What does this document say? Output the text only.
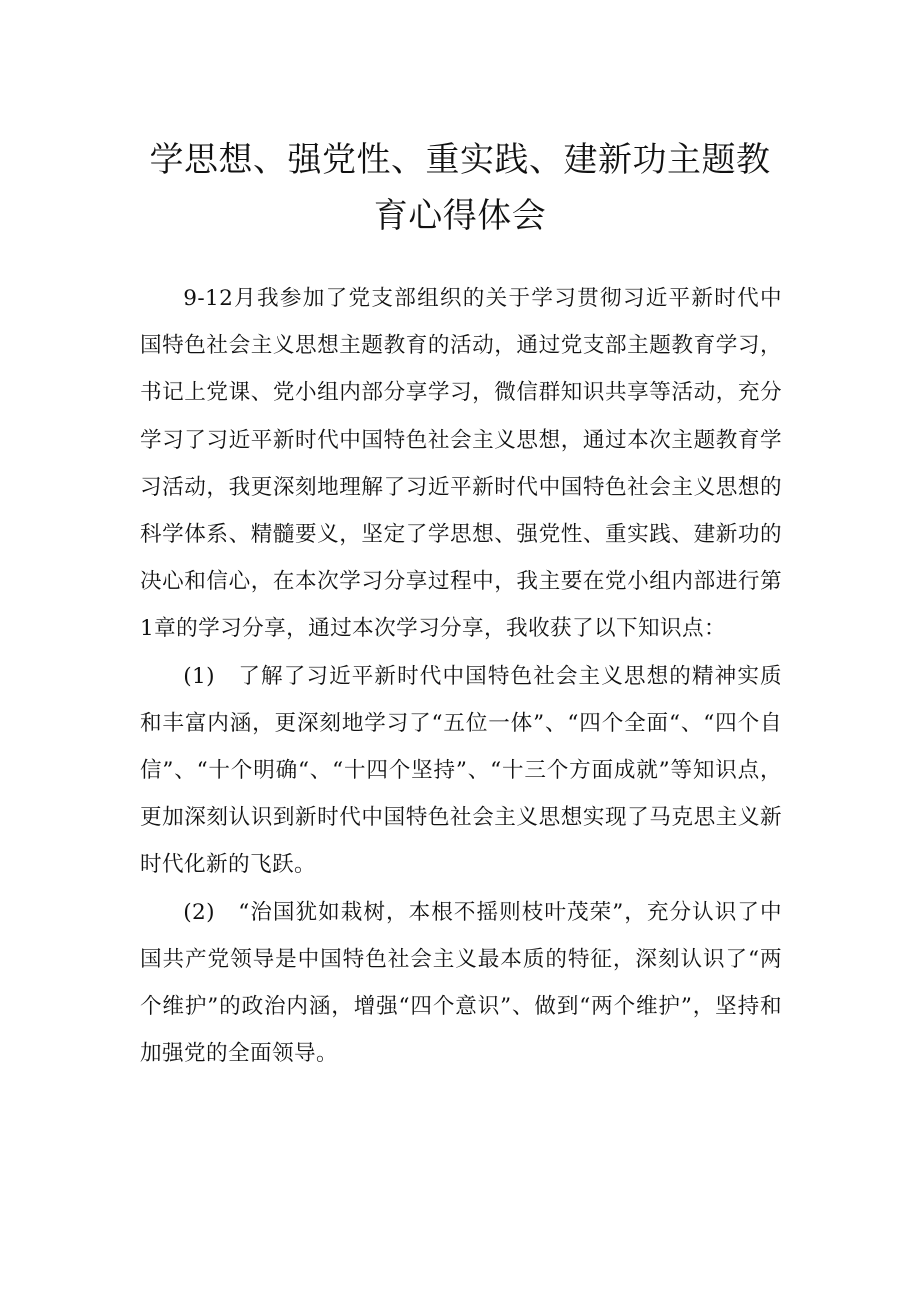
学思想、强党性、重实践、建新功主题教育心得体会

9-12月我参加了党支部组织的关于学习贯彻习近平新时代中国特色社会主义思想主题教育的活动，通过党支部主题教育学习，书记上党课、党小组内部分享学习，微信群知识共享等活动，充分学习了习近平新时代中国特色社会主义思想，通过本次主题教育学习活动，我更深刻地理解了习近平新时代中国特色社会主义思想的科学体系、精髓要义，坚定了学思想、强党性、重实践、建新功的决心和信心，在本次学习分享过程中，我主要在党小组内部进行第1章的学习分享，通过本次学习分享，我收获了以下知识点：

(1)　了解了习近平新时代中国特色社会主义思想的精神实质和丰富内涵，更深刻地学习了“五位一体”、“四个全面“、“四个自信”、“十个明确“、“十四个坚持”、“十三个方面成就”等知识点，更加深刻认识到新时代中国特色社会主义思想实现了马克思主义新时代化新的飞跃。

(2)　“治国犹如栽树，本根不摇则枝叶茂荣”，充分认识了中国共产党领导是中国特色社会主义最本质的特征，深刻认识了“两个维护”的政治内涵，增强“四个意识”、做到“两个维护”，坚持和加强党的全面领导。
